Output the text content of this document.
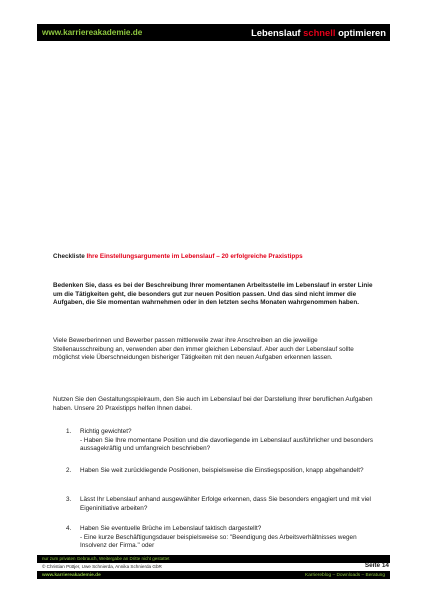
www.karriereakademie.de	Lebenslauf schnell optimieren

Checkliste Ihre Einstellungsargumente im Lebenslauf – 20 erfolgreiche Praxistipps

Bedenken Sie, dass es bei der Beschreibung Ihrer momentanen Arbeitsstelle im Lebenslauf in erster Linie um die Tätigkeiten geht, die besonders gut zur neuen Position passen. Und das sind nicht immer die Aufgaben, die Sie momentan wahrnehmen oder in den letzten sechs Monaten wahrgenommen haben.

Viele Bewerberinnen und Bewerber passen mittlerweile zwar ihre Anschreiben an die jeweilige Stellenausschreibung an, verwenden aber den immer gleichen Lebenslauf. Aber auch der Lebenslauf sollte möglichst viele Überschneidungen bisheriger Tätigkeiten mit den neuen Aufgaben erkennen lassen.

Nutzen Sie den Gestaltungsspielraum, den Sie auch im Lebenslauf bei der Darstellung Ihrer beruflichen Aufgaben haben. Unsere 20 Praxistipps helfen Ihnen dabei.

1. Richtig gewichtet?
- Haben Sie Ihre momentane Position und die davorliegende im Lebenslauf ausführlicher und besonders aussagekräftig und umfangreich beschrieben?
2. Haben Sie weit zurückliegende Positionen, beispielsweise die Einstiegsposition, knapp abgehandelt?
3. Lässt Ihr Lebenslauf anhand ausgewählter Erfolge erkennen, dass Sie besonders engagiert und mit viel Eigeninitiative arbeiten?
4. Haben Sie eventuelle Brüche im Lebenslauf taktisch dargestellt?
- Eine kurze Beschäftigungsdauer beispielsweise so: "Beendigung des Arbeitsverhältnisses wegen Insolvenz der Firma." oder
nur zum privaten Gebrauch, Weitergabe an Dritte nicht gestattet
© Christian Püttjer, Uwe Schnierda, Annika Schnierda GbR	Seite 14
www.karriereakademie.de	Karriereblog – Downloads – Beratung
